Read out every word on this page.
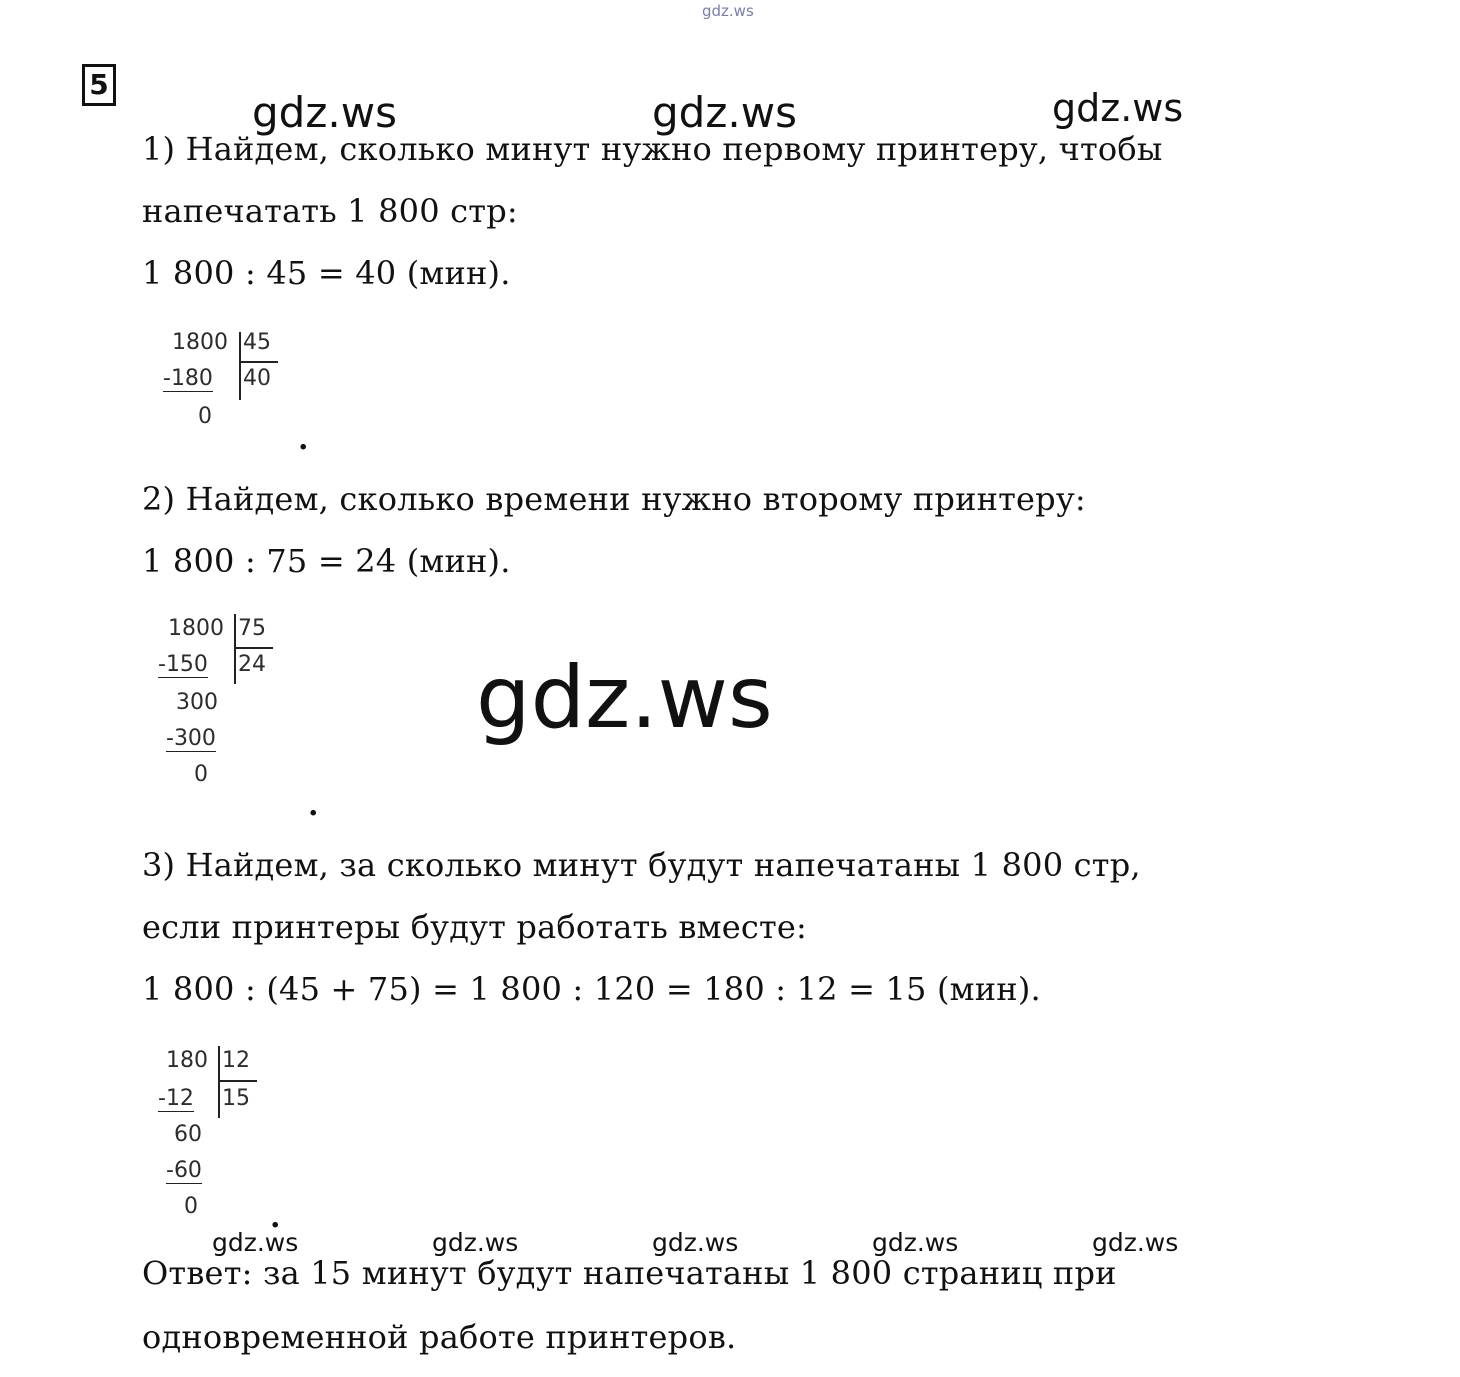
gdz.ws
gdz.ws	gdz.ws	gdz.ws
5
1) Найдем, сколько минут нужно первому принтеру, чтобы
напечатать 1 800 стр:
1 800 : 45 = 40 (мин).
1800 45
-180 40
0
.
2) Найдем, сколько времени нужно второму принтеру:
1 800 : 75 = 24 (мин).
1800 75
-150 24
300
-300
0
.
gdz.ws
3) Найдем, за сколько минут будут напечатаны 1 800 стр,
если принтеры будут работать вместе:
1 800 : (45 + 75) = 1 800 : 120 = 180 : 12 = 15 (мин).
180 12
-12 15
60
-60
0 .
gdz.ws	gdz.ws	gdz.ws	gdz.ws	gdz.ws
Ответ: за 15 минут будут напечатаны 1 800 страниц при
одновременной работе принтеров.
